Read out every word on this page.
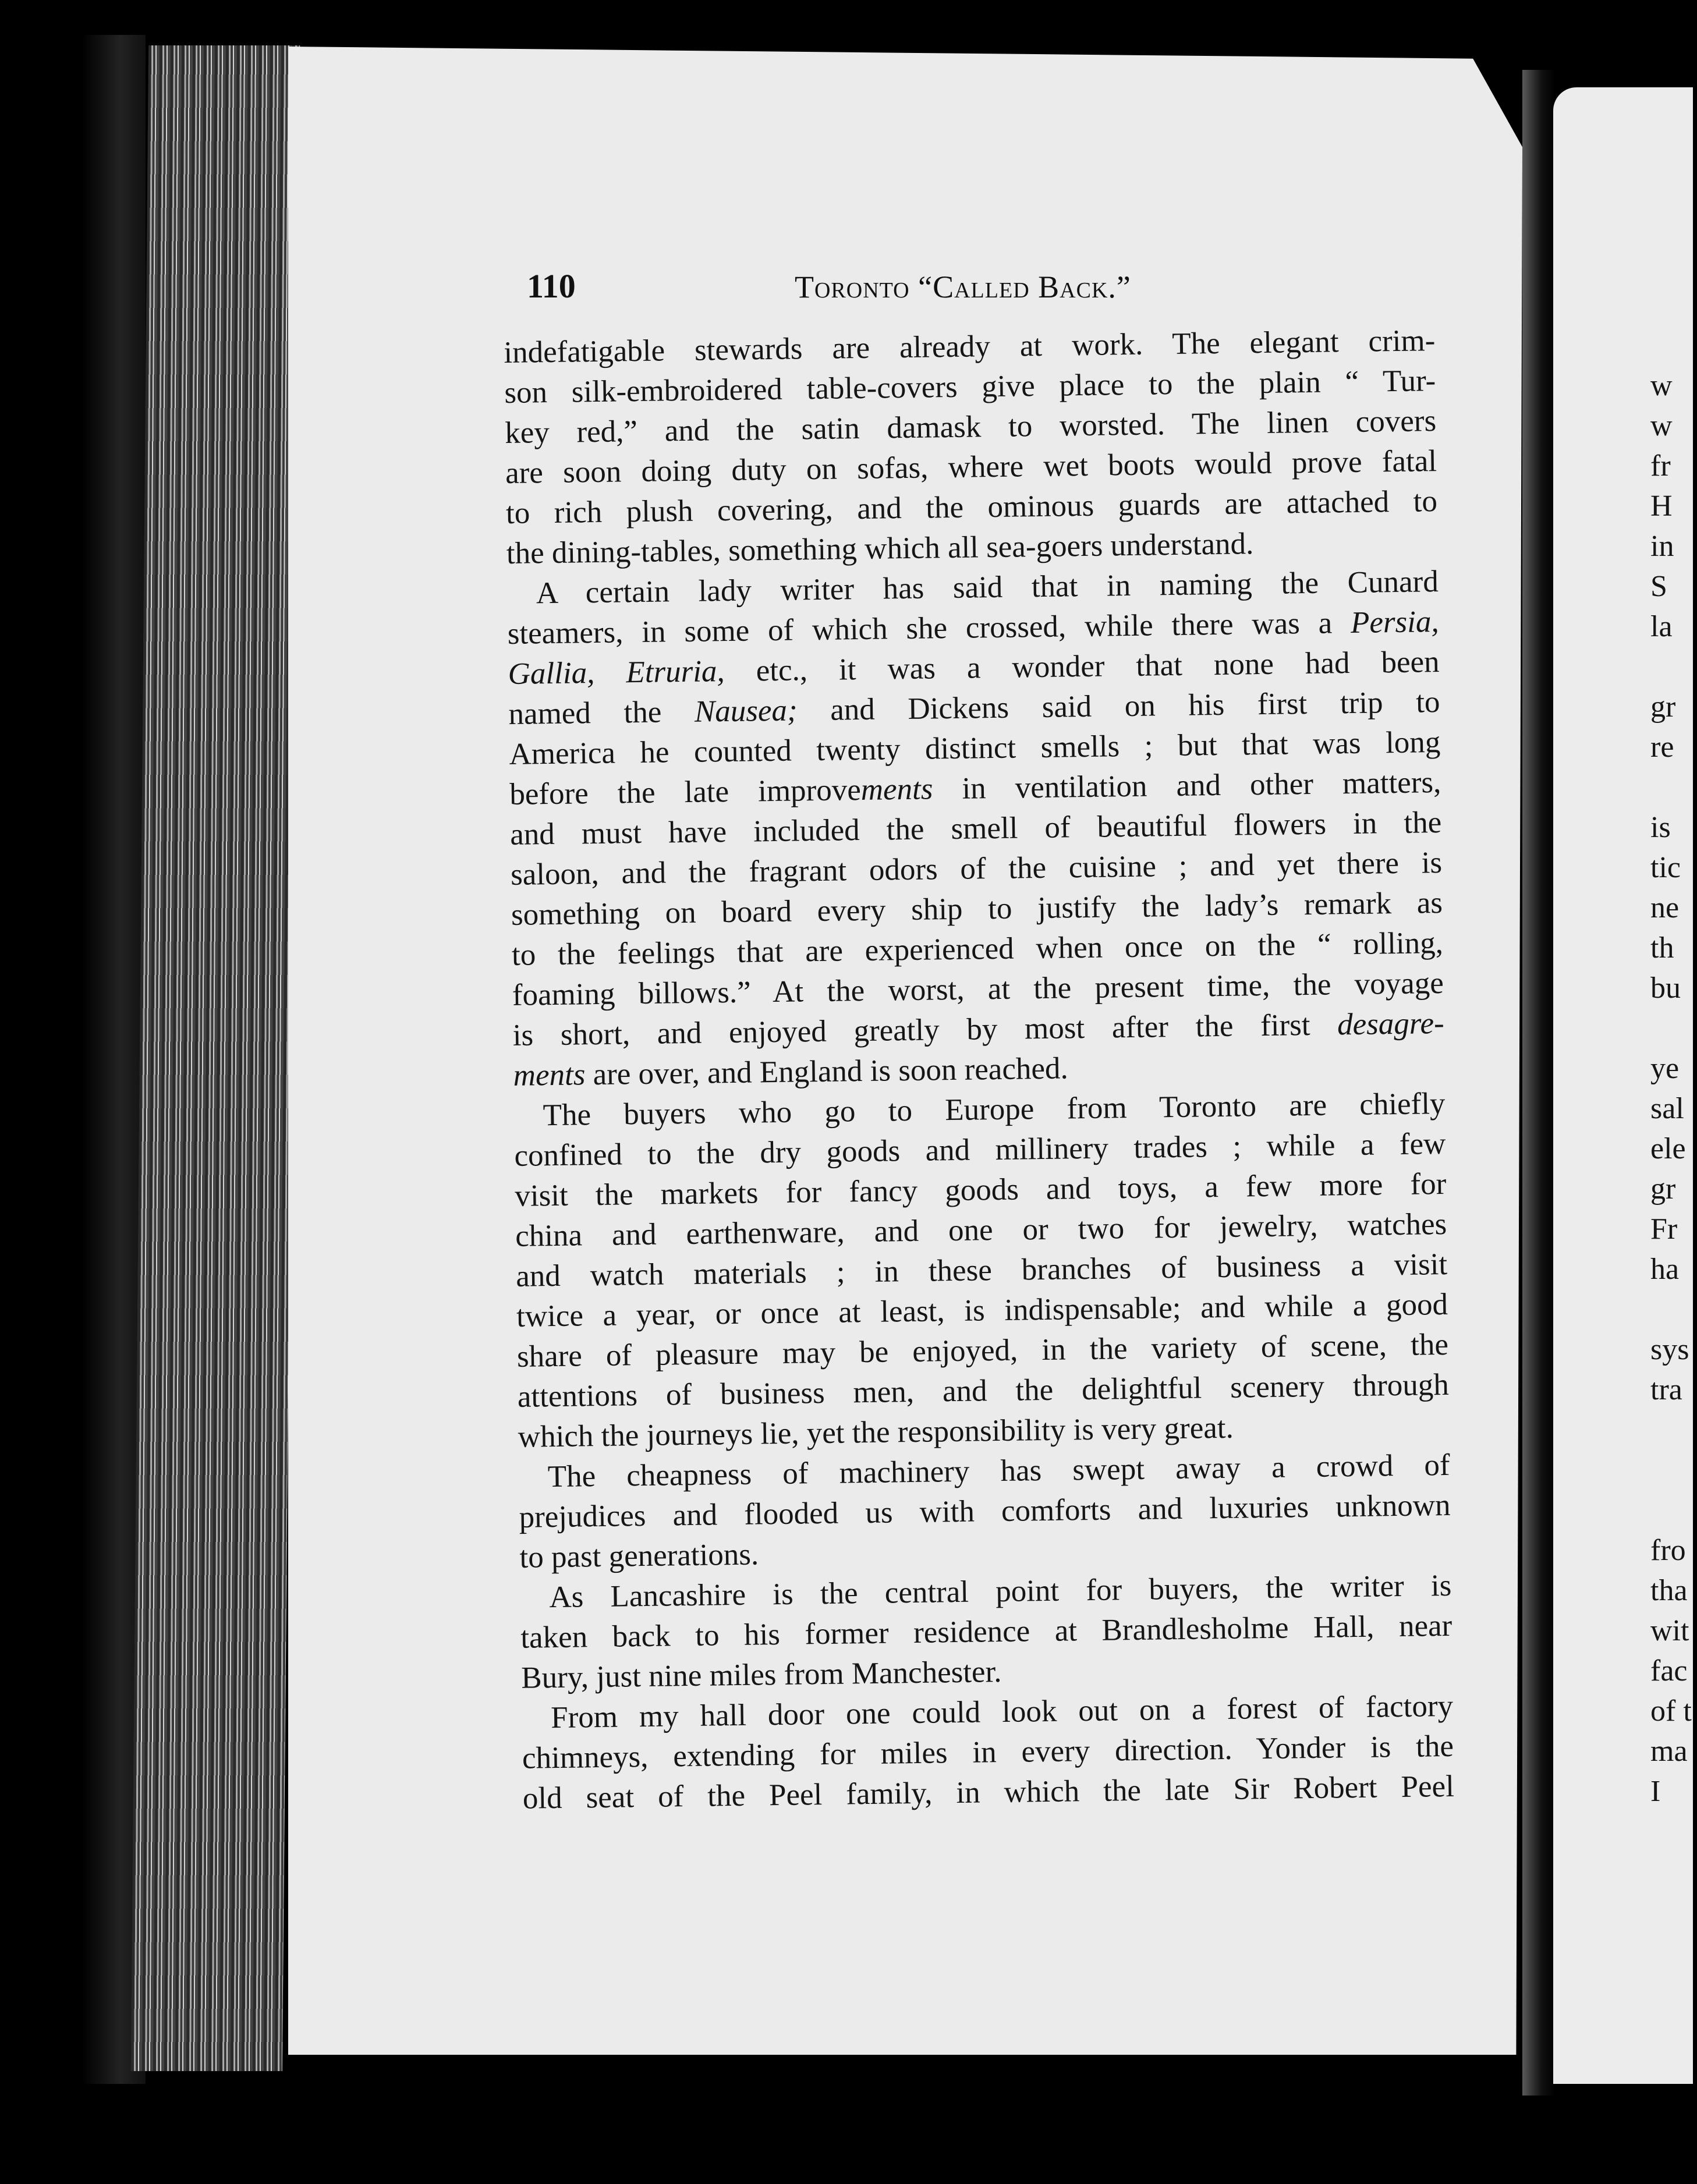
110	Toronto “Called Back.”
indefatigable stewards are already at work. The elegant crim-
son silk-embroidered table-covers give place to the plain “ Tur-
key red,” and the satin damask to worsted. The linen covers
are soon doing duty on sofas, where wet boots would prove fatal
to rich plush covering, and the ominous guards are attached to
the dining-tables, something which all sea-goers understand.
A certain lady writer has said that in naming the Cunard
steamers, in some of which she crossed, while there was a Persia,
Gallia, Etruria, etc., it was a wonder that none had been
named the Nausea; and Dickens said on his first trip to
America he counted twenty distinct smells ; but that was long
before the late improvements in ventilation and other matters,
and must have included the smell of beautiful flowers in the
saloon, and the fragrant odors of the cuisine ; and yet there is
something on board every ship to justify the lady’s remark as
to the feelings that are experienced when once on the “ rolling,
foaming billows.” At the worst, at the present time, the voyage
is short, and enjoyed greatly by most after the first desagre-
ments are over, and England is soon reached.
The buyers who go to Europe from Toronto are chiefly
confined to the dry goods and millinery trades ; while a few
visit the markets for fancy goods and toys, a few more for
china and earthenware, and one or two for jewelry, watches
and watch materials ; in these branches of business a visit
twice a year, or once at least, is indispensable; and while a good
share of pleasure may be enjoyed, in the variety of scene, the
attentions of business men, and the delightful scenery through
which the journeys lie, yet the responsibility is very great.
The cheapness of machinery has swept away a crowd of
prejudices and flooded us with comforts and luxuries unknown
to past generations.
As Lancashire is the central point for buyers, the writer is
taken back to his former residence at Brandlesholme Hall, near
Bury, just nine miles from Manchester.
From my hall door one could look out on a forest of factory
chimneys, extending for miles in every direction. Yonder is the
old seat of the Peel family, in which the late Sir Robert Peel
w
w
fr
H
in
S
la
gr
re
is
tic
ne
th
bu
ye
sal
ele
gr
Fr
ha
sys
tra
fro
tha
wit
fac
of t
ma
I
